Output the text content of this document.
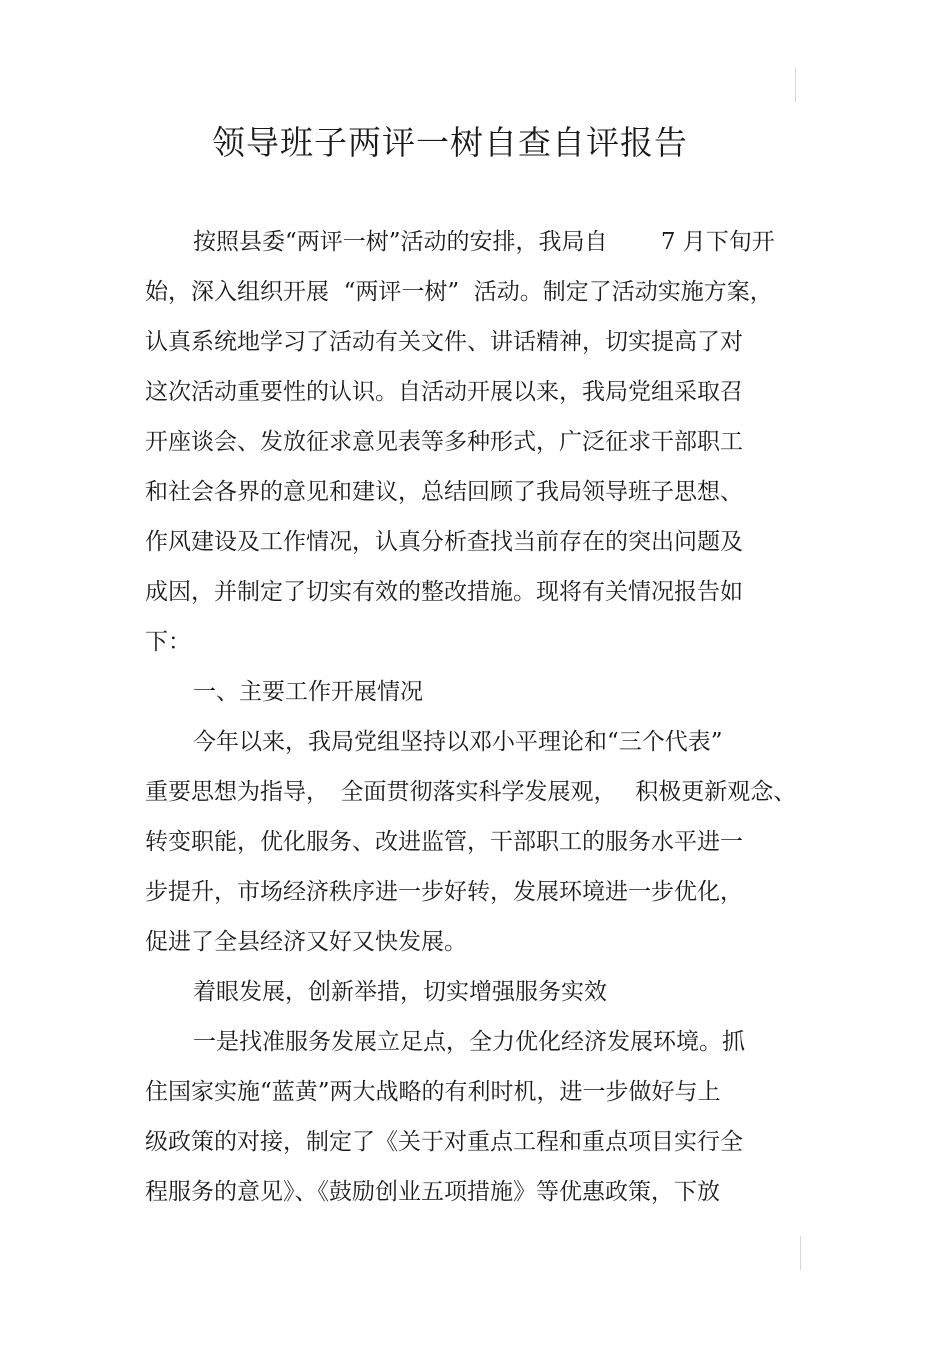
领导班子两评一树自查自评报告
按照县委“两评一树”活动的安排，我局自　　 7 月下旬开
始，深入组织开展  “两评一树”  活动。制定了活动实施方案，
认真系统地学习了活动有关文件、讲话精神，切实提高了对
这次活动重要性的认识。自活动开展以来，我局党组采取召
开座谈会、发放征求意见表等多种形式，广泛征求干部职工
和社会各界的意见和建议，总结回顾了我局领导班子思想、
作风建设及工作情况，认真分析查找当前存在的突出问题及
成因，并制定了切实有效的整改措施。现将有关情况报告如
下：
一、主要工作开展情况
今年以来，我局党组坚持以邓小平理论和“三个代表”
重要思想为指导，　全面贯彻落实科学发展观，　 积极更新观念、
转变职能，优化服务、改进监管，干部职工的服务水平进一
步提升，市场经济秩序进一步好转，发展环境进一步优化，
促进了全县经济又好又快发展。
着眼发展，创新举措，切实增强服务实效
一是找准服务发展立足点，全力优化经济发展环境。抓
住国家实施“蓝黄”两大战略的有利时机，进一步做好与上
级政策的对接，制定了《关于对重点工程和重点项目实行全
程服务的意见》、《鼓励创业五项措施》等优惠政策，下放
